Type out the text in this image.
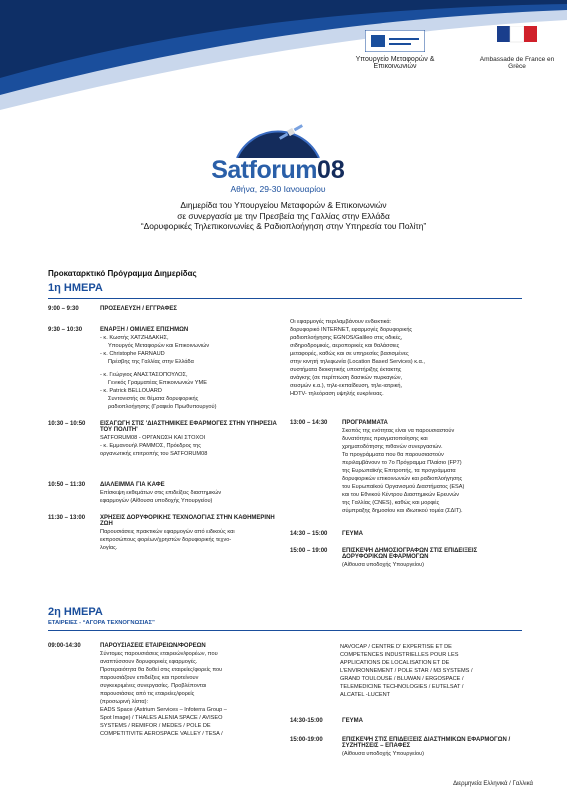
Υπουργείο Μεταφορών & Επικοινωνιών
Ambassade de France en Grèce
Satforum08
Αθήνα, 29-30 Ιανουαρίου
Διημερίδα του Υπουργείου Μεταφορών & Επικοινωνιών
σε συνεργασία με την Πρεσβεία της Γαλλίας στην Ελλάδα
“Δορυφορικές Τηλεπικοινωνίες & Ραδιοπλοήγηση στην Υπηρεσία του Πολίτη”
Προκαταρκτικό Πρόγραμμα Διημερίδας
1η ΗΜΕΡΑ
9:00 – 9:30	ΠΡΟΣΕΛΕΥΣΗ / ΕΓΓΡΑΦΕΣ
9:30 – 10:30	ΕΝΑΡΞΗ / ΟΜΙΛΙΕΣ ΕΠΙΣΗΜΩΝ
- κ. Κωστής ΧΑΤΖΗΔΑΚΗΣ,
Υπουργός Μεταφορών και Επικοινωνιών
- κ. Christophe FARNAUD
Πρέσβης της Γαλλίας στην Ελλάδα
- κ. Γεώργιος ΑΝΑΣΤΑΣΟΠΟΥΛΟΣ,
Γενικός Γραμματέας Επικοινωνιών ΥΜΕ
- κ. Patrick BELLOUARD
Συντονιστής σε θέματα δορυφορικής
ραδιοπλοήγησης (Γραφείο Πρωθυπουργού)
10:30 – 10:50	ΕΙΣΑΓΩΓΗ ΣΤΙΣ 'ΔΙΑΣΤΗΜΙΚΕΣ ΕΦΑΡΜΟΓΕΣ ΣΤΗΝ ΥΠΗΡΕΣΙΑ ΤΟΥ ΠΟΛΙΤΗ'
SATFORUM08 - ΟΡΓΑΝΩΣΗ ΚΑΙ ΣΤΟΧΟΙ
- κ. Εμμανουήλ ΡΑΜΜΟΣ, Πρόεδρος της
οργανωτικής επιτροπής του SATFORUM08
10:50 – 11:30	ΔΙΑΛΕΙΜΜΑ ΓΙΑ ΚΑΦΕ
Επίσκεψη εκθεμάτων στις επιδείξεις διαστημικών
εφαρμογών (Αίθουσα υποδοχής Υπουργείου)
11:30 – 13:00	ΧΡΗΣΕΙΣ ΔΟΡΥΦΟΡΙΚΗΣ ΤΕΧΝΟΛΟΓΙΑΣ ΣΤΗΝ ΚΑΘΗΜΕΡΙΝΗ ΖΩΗ
Παρουσιάσεις πρακτικών εφαρμογών από ειδικούς και
εκπροσώπους φορέων/χρηστών δορυφορικής τεχνο-
λογίας.
Οι εφαρμογές περιλαμβάνουν ενδεικτικά:
δορυφορικό INTERNET, εφαρμογές δορυφορικής
ραδιοπλοήγησης EGNOS/Galileo στις οδικές,
σιδηροδρομικές, αεροπορικές και θαλάσσιες
μεταφορές, καθώς και σε υπηρεσίες βασισμένες
στην κινητή τηλεφωνία (Location Based Services) κ.α.,
συστήματα διοικητικής υποστήριξης έκτακτης
ανάγκης (σε περίπτωση δασικών πυρκαγιών,
σεισμών κ.α.), τηλε-εκπαίδευση, τηλε-ιατρική,
HDTV- τηλεόραση υψηλής ευκρίνειας.
13:00 – 14:30	ΠΡΟΓΡΑΜΜΑΤΑ
Σκοπός της ενότητας είναι να παρουσιαστούν
δυνατότητες πραγματοποίησης και
χρηματοδότησης πιθανών συνεργασιών.
Τα προγράμματα που θα παρουσιαστούν
περιλαμβάνουν το 7ο Πρόγραμμα Πλαίσιο (FP7)
της Ευρωπαϊκής Επιτροπής, τα προγράμματα
δορυφορικών επικοινωνιών και ραδιοπλοήγησης
του Ευρωπαϊκού Οργανισμού Διαστήματος (ESA)
και του Εθνικού Κέντρου Διαστημικών Ερευνών
της Γαλλίας (CNES), καθώς και μορφές
σύμπραξης δημοσίου και ιδιωτικού τομέα (ΣΔΙΤ).
14:30 – 15:00	ΓΕΥΜΑ
15:00 – 19:00	ΕΠΙΣΚΕΨΗ ΔΗΜΟΣΙΟΓΡΑΦΩΝ ΣΤΙΣ ΕΠΙΔΕΙΞΕΙΣ ΔΟΡΥΦΟΡΙΚΩΝ ΕΦΑΡΜΟΓΩΝ
(Αίθουσα υποδοχής Υπουργείου)
2η ΗΜΕΡΑ
ΕΤΑΙΡΕΙΕΣ - “ΑΓΟΡΑ ΤΕΧΝΟΓΝΩΣΙΑΣ”
09:00-14:30	ΠΑΡΟΥΣΙΑΣΕΙΣ ΕΤΑΙΡΕΙΩΝ/ΦΟΡΕΩΝ
Σύντομες παρουσιάσεις εταιρειών/φορέων, που
αναπτύσσουν δορυφορικές εφαρμογές.
Προτεραιότητα θα δοθεί στις εταιρείες/φορείς που
παρουσιάζουν επιδείξεις και προτείνουν
συγκεκριμένες συνεργασίες. Προβλέπονται
παρουσιάσεις από τις εταιρείες/φορείς
(προσωρινή λίστα):
EADS Space (Astrium Services – Infoterra Group –
Spot Image) / THALES ALENIA SPACE / AVISEO
SYSTEMS / REMIFOR / MEDES / POLE DE
COMPETITIVITE AEROSPACE VALLEY / TESA /
NAVOCAP / CENTRE D’ EXPERTISE ET DE
COMPETENCES INDUSTRIELLES POUR LES
APPLICATIONS DE LOCALISATION ET DE
L’ENVIRONNEMENT / POLE STAR / M3 SYSTEMS /
GRAND TOULOUSE / BLUWAN / ERGOSPACE /
TELEMEDICINE TECHNOLOGIES / EUTELSAT /
ALCATEL -LUCENT
14:30-15:00	ΓΕΥΜΑ
15:00-19:00	ΕΠΙΣΚΕΨΗ ΣΤΙΣ ΕΠΙΔΕΙΞΕΙΣ ΔΙΑΣΤΗΜΙΚΩΝ ΕΦΑΡΜΟΓΩΝ / ΣΥΖΗΤΗΣΕΙΣ – ΕΠΑΦΕΣ
(Αίθουσα υποδοχής Υπουργείου)
Διερμηνεία Ελληνικά / Γαλλικά
